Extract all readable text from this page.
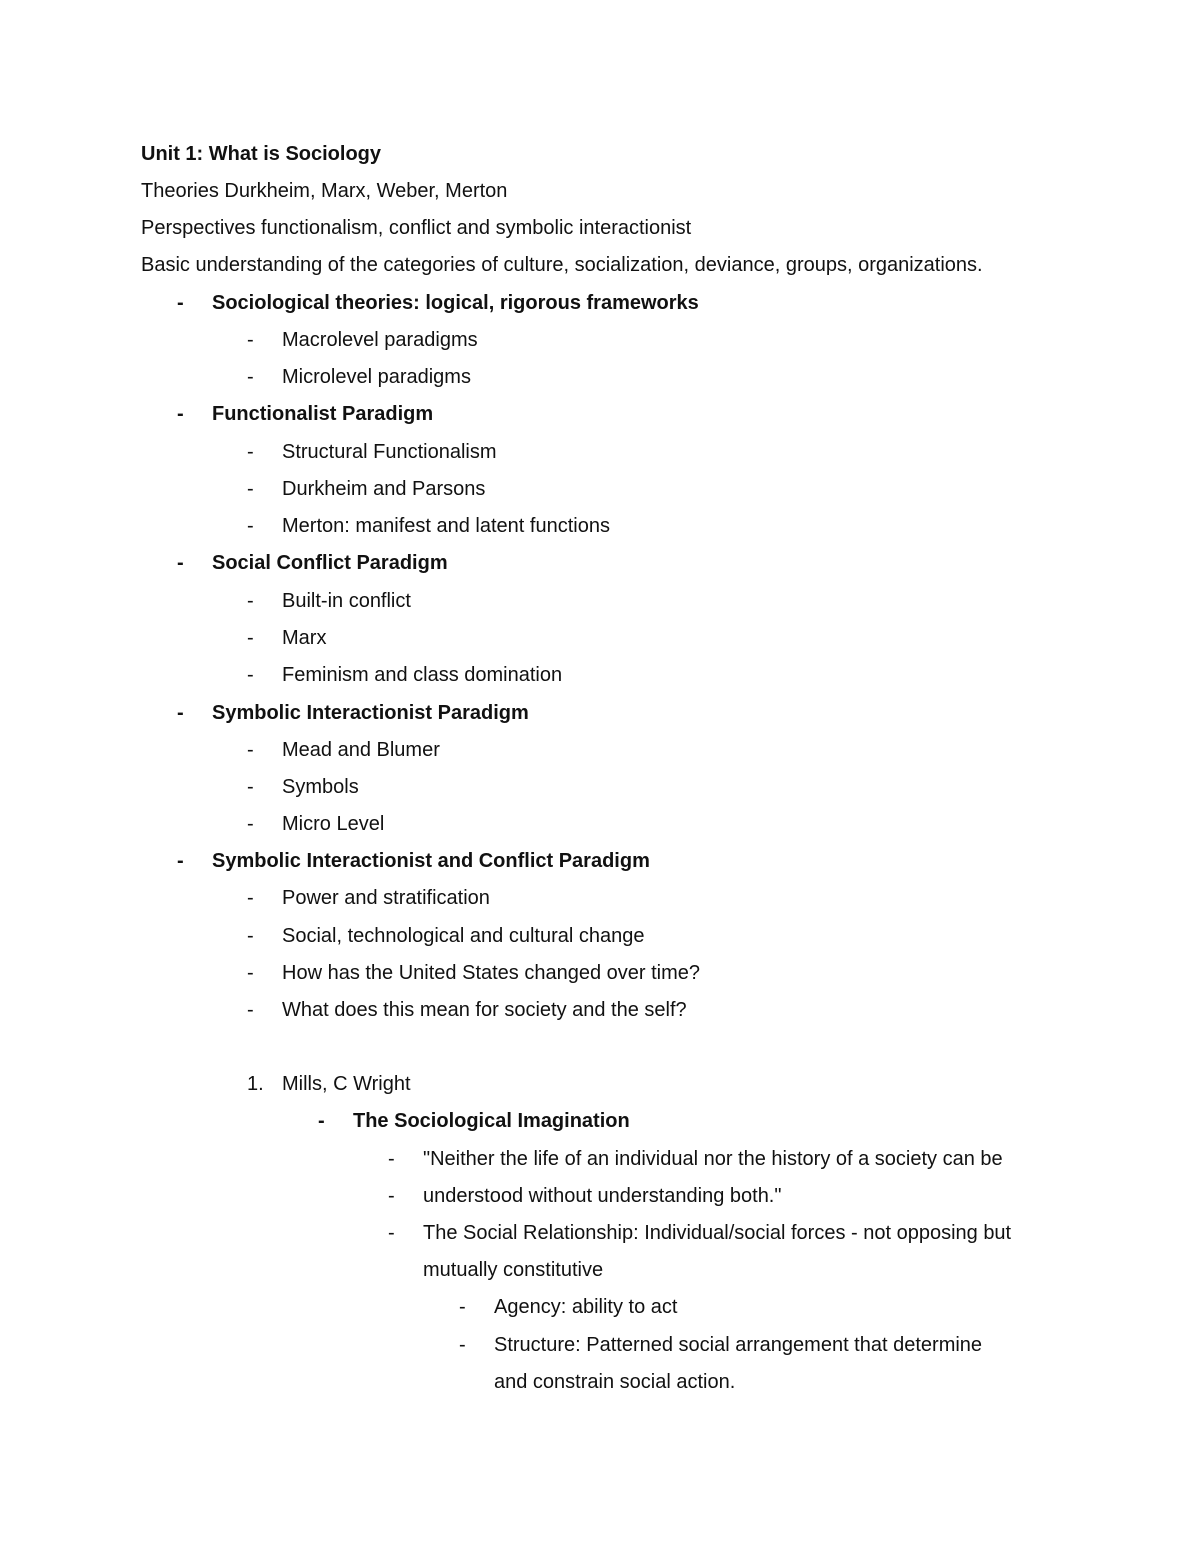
Unit 1: What is Sociology
Theories Durkheim, Marx, Weber, Merton
Perspectives functionalism, conflict and symbolic interactionist
Basic understanding of the categories of culture, socialization, deviance, groups, organizations.
- Sociological theories: logical, rigorous frameworks
- Macrolevel paradigms
- Microlevel paradigms
- Functionalist Paradigm
- Structural Functionalism
- Durkheim and Parsons
- Merton: manifest and latent functions
- Social Conflict Paradigm
- Built-in conflict
- Marx
- Feminism and class domination
- Symbolic Interactionist Paradigm
- Mead and Blumer
- Symbols
- Micro Level
- Symbolic Interactionist and Conflict Paradigm
- Power and stratification
- Social, technological and cultural change
- How has the United States changed over time?
- What does this mean for society and the self?
1. Mills, C Wright
- The Sociological Imagination
- "Neither the life of an individual nor the history of a society can be
- understood without understanding both."
- The Social Relationship: Individual/social forces - not opposing but
mutually constitutive
- Agency: ability to act
- Structure: Patterned social arrangement that determine
and constrain social action.
